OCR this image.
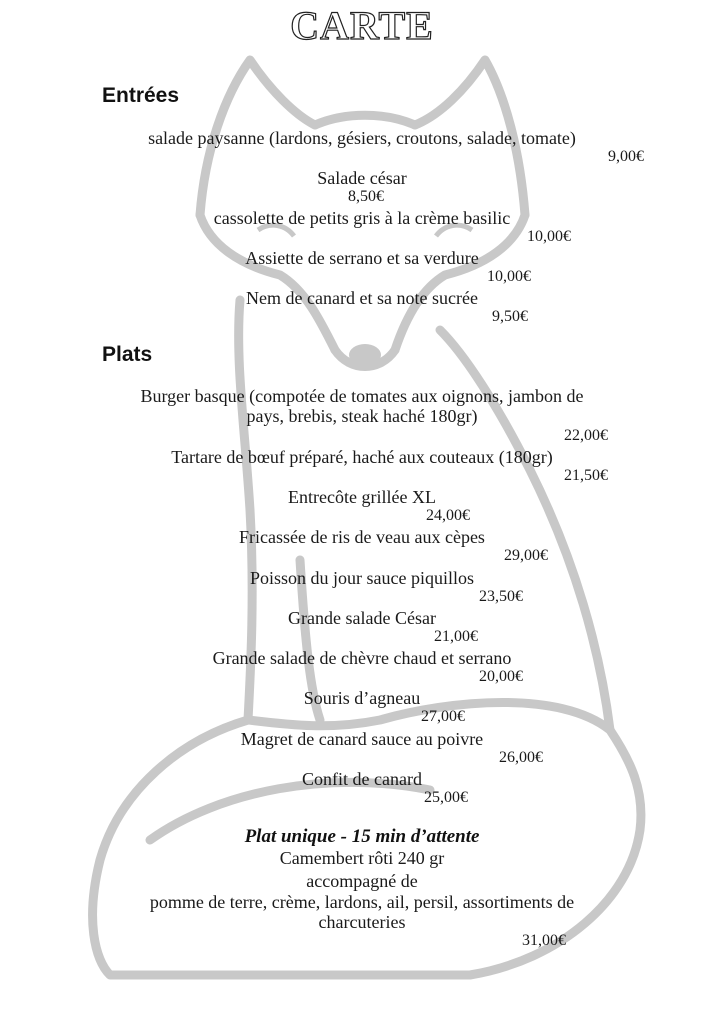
CARTE
Entrées

salade paysanne (lardons, gésiers, croutons, salade, tomate)

9,00€

Salade césar

8,50€

cassolette de petits gris à la crème basilic

10,00€

Assiette de serrano et sa verdure

10,00€

Nem de canard et sa note sucrée

9,50€

Plats

Burger basque (compotée de tomates aux oignons, jambon de

pays, brebis, steak haché 180gr)

22,00€

Tartare de bœuf préparé, haché aux couteaux (180gr)

21,50€

Entrecôte grillée XL

24,00€

Fricassée de ris de veau aux cèpes

29,00€

Poisson du jour sauce piquillos

23,50€

Grande salade César

21,00€

Grande salade de chèvre chaud et serrano

20,00€

Souris d’agneau

27,00€

Magret de canard sauce au poivre

26,00€

Confit de canard

25,00€

Plat unique - 15 min d’attente

Camembert rôti 240 gr

accompagné de

pomme de terre, crème, lardons, ail, persil, assortiments de

charcuteries

31,00€
